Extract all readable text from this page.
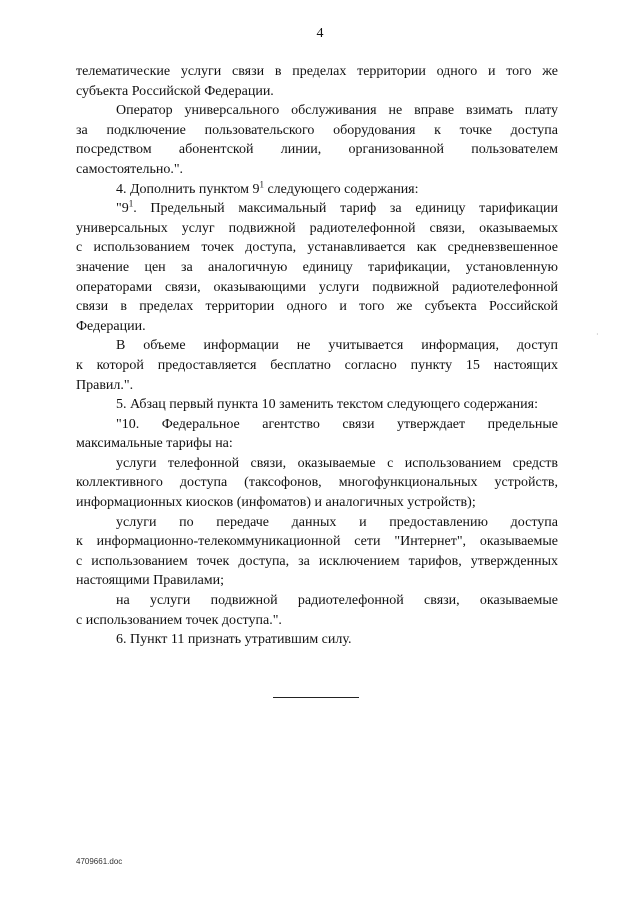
4
телематические услуги связи в пределах территории одного и того же
субъекта Российской Федерации.
Оператор универсального обслуживания не вправе взимать плату
за подключение пользовательского оборудования к точке доступа
посредством абонентской линии, организованной пользователем
самостоятельно.".
4. Дополнить пунктом $9^1$ следующего содержания:
"$9^1$. Предельный максимальный тариф за единицу тарификации
универсальных услуг подвижной радиотелефонной связи, оказываемых
с использованием точек доступа, устанавливается как средневзвешенное
значение цен за аналогичную единицу тарификации, установленную
операторами связи, оказывающими услуги подвижной радиотелефонной
связи в пределах территории одного и того же субъекта Российской
Федерации.
В объеме информации не учитывается информация, доступ
к которой предоставляется бесплатно согласно пункту 15 настоящих
Правил.".
5. Абзац первый пункта 10 заменить текстом следующего содержания:
"10. Федеральное агентство связи утверждает предельные
максимальные тарифы на:
услуги телефонной связи, оказываемые с использованием средств
коллективного доступа (таксофонов, многофункциональных устройств,
информационных киосков (инфоматов) и аналогичных устройств);
услуги по передаче данных и предоставлению доступа
к информационно-телекоммуникационной сети "Интернет", оказываемые
с использованием точек доступа, за исключением тарифов, утвержденных
настоящими Правилами;
на услуги подвижной радиотелефонной связи, оказываемые
с использованием точек доступа.".
6. Пункт 11 признать утратившим силу.
4709661.doc
·
